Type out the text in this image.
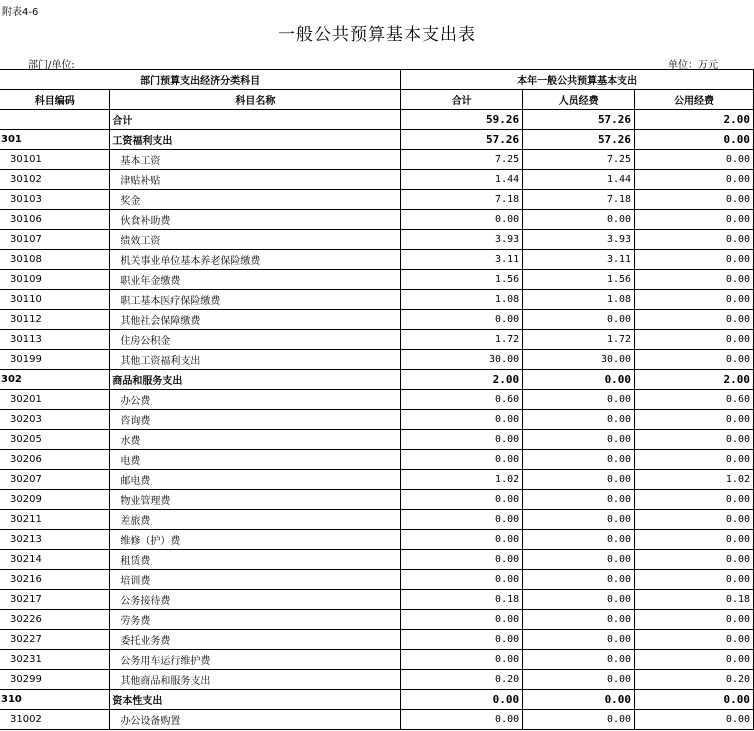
附表4-6
一般公共预算基本支出表
部门/单位:	单位：万元
部门预算支出经济分类科目		本年一般公共预算基本支出		
科目编码	科目名称	合计	人员经费	公用经费
	合计	59.26	57.26	2.00
301	工资福利支出	57.26	57.26	0.00
30101	基本工资	7.25	7.25	0.00
30102	津贴补贴	1.44	1.44	0.00
30103	奖金	7.18	7.18	0.00
30106	伙食补助费	0.00	0.00	0.00
30107	绩效工资	3.93	3.93	0.00
30108	机关事业单位基本养老保险缴费	3.11	3.11	0.00
30109	职业年金缴费	1.56	1.56	0.00
30110	职工基本医疗保险缴费	1.08	1.08	0.00
30112	其他社会保障缴费	0.00	0.00	0.00
30113	住房公积金	1.72	1.72	0.00
30199	其他工资福利支出	30.00	30.00	0.00
302	商品和服务支出	2.00	0.00	2.00
30201	办公费	0.60	0.00	0.60
30203	咨询费	0.00	0.00	0.00
30205	水费	0.00	0.00	0.00
30206	电费	0.00	0.00	0.00
30207	邮电费	1.02	0.00	1.02
30209	物业管理费	0.00	0.00	0.00
30211	差旅费	0.00	0.00	0.00
30213	维修（护）费	0.00	0.00	0.00
30214	租赁费	0.00	0.00	0.00
30216	培训费	0.00	0.00	0.00
30217	公务接待费	0.18	0.00	0.18
30226	劳务费	0.00	0.00	0.00
30227	委托业务费	0.00	0.00	0.00
30231	公务用车运行维护费	0.00	0.00	0.00
30299	其他商品和服务支出	0.20	0.00	0.20
310	资本性支出	0.00	0.00	0.00
31002	办公设备购置	0.00	0.00	0.00
